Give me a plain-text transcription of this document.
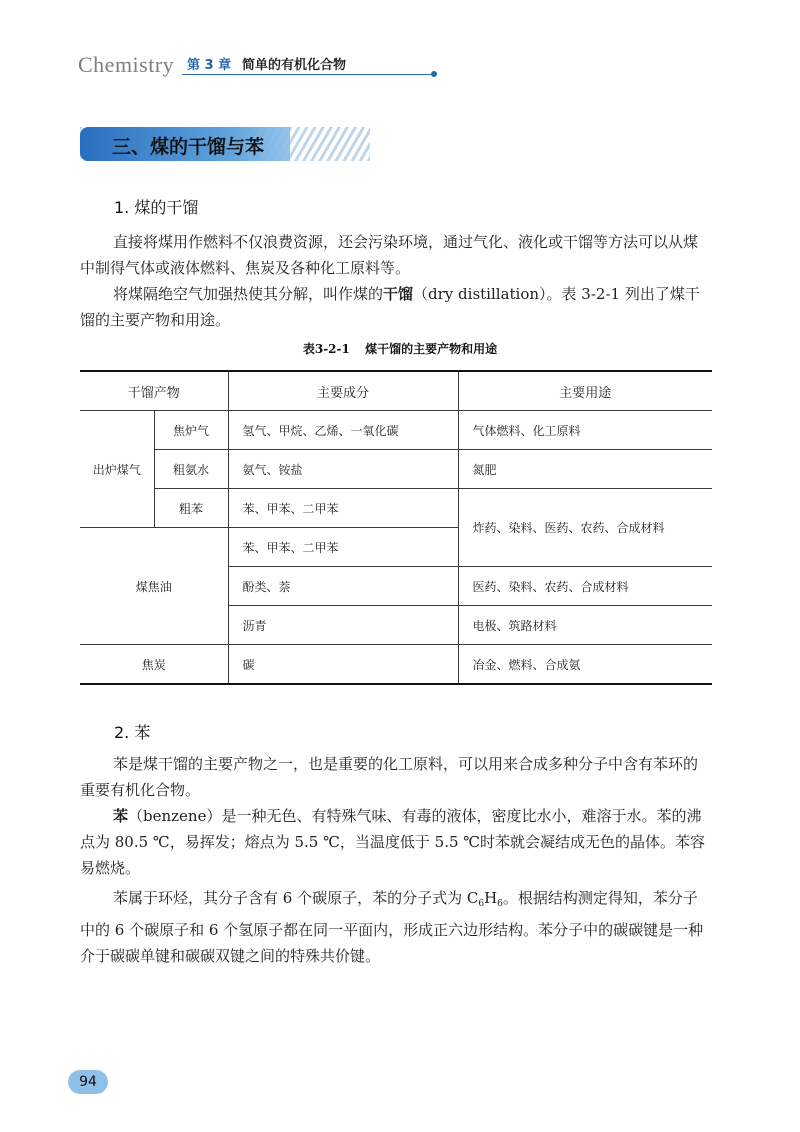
Chemistry 第 3 章 简单的有机化合物
三、煤的干馏与苯
1. 煤的干馏

直接将煤用作燃料不仅浪费资源，还会污染环境，通过气化、液化或干馏等方法可以从煤中制得气体或液体燃料、焦炭及各种化工原料等。

将煤隔绝空气加强热使其分解，叫作煤的干馏（dry distillation）。表 3-2-1 列出了煤干馏的主要产物和用途。

表3-2-1 煤干馏的主要产物和用途
干馏产物		主要成分	主要用途
出炉煤气	焦炉气	氢气、甲烷、乙烯、一氧化碳	气体燃料、化工原料
	粗氨水	氨气、铵盐	氮肥
	粗苯	苯、甲苯、二甲苯	炸药、染料、医药、农药、合成材料
煤焦油		苯、甲苯、二甲苯	
		酚类、萘	医药、染料、农药、合成材料
		沥青	电极、筑路材料
焦炭		碳	冶金、燃料、合成氨
2. 苯

苯是煤干馏的主要产物之一，也是重要的化工原料，可以用来合成多种分子中含有苯环的重要有机化合物。

苯（benzene）是一种无色、有特殊气味、有毒的液体，密度比水小，难溶于水。苯的沸点为 80.5 ℃，易挥发；熔点为 5.5 ℃，当温度低于 5.5 ℃时苯就会凝结成无色的晶体。苯容易燃烧。

苯属于环烃，其分子含有 6 个碳原子，苯的分子式为 $C_6H_6$。根据结构测定得知，苯分子中的 6 个碳原子和 6 个氢原子都在同一平面内，形成正六边形结构。苯分子中的碳碳键是一种介于碳碳单键和碳碳双键之间的特殊共价键。

94
